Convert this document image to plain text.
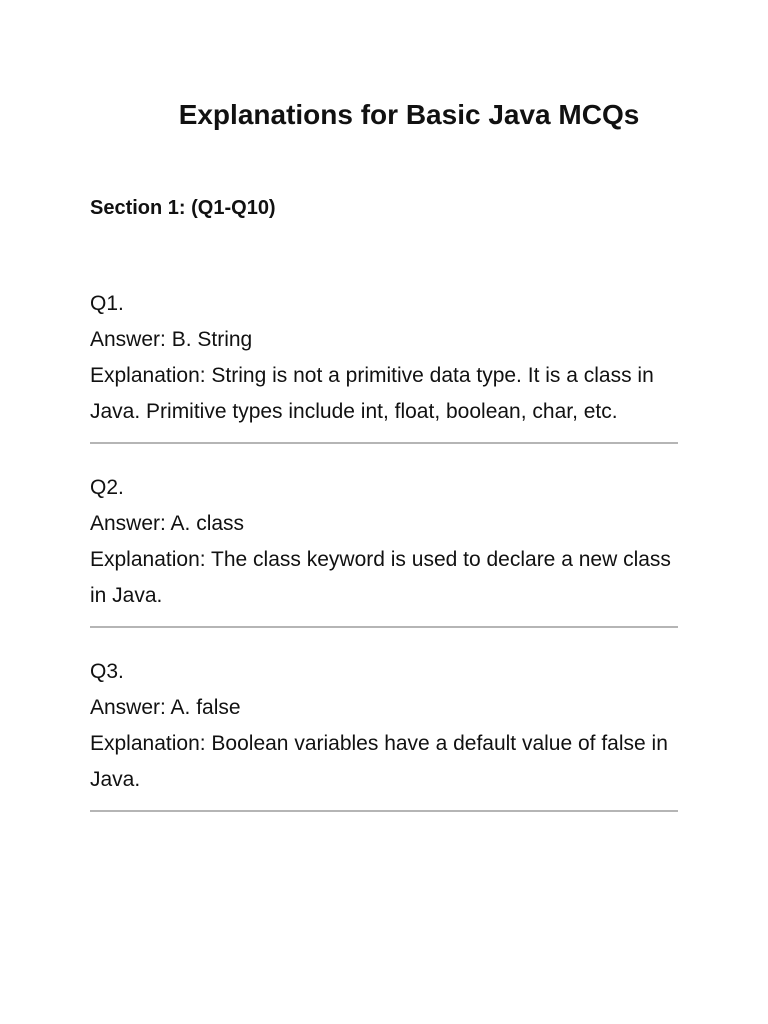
Explanations for Basic Java MCQs
Section 1: (Q1-Q10)
Q1.
Answer: B. String
Explanation: String is not a primitive data type. It is a class in Java. Primitive types include int, float, boolean, char, etc.
Q2.
Answer: A. class
Explanation: The class keyword is used to declare a new class in Java.
Q3.
Answer: A. false
Explanation: Boolean variables have a default value of false in Java.
